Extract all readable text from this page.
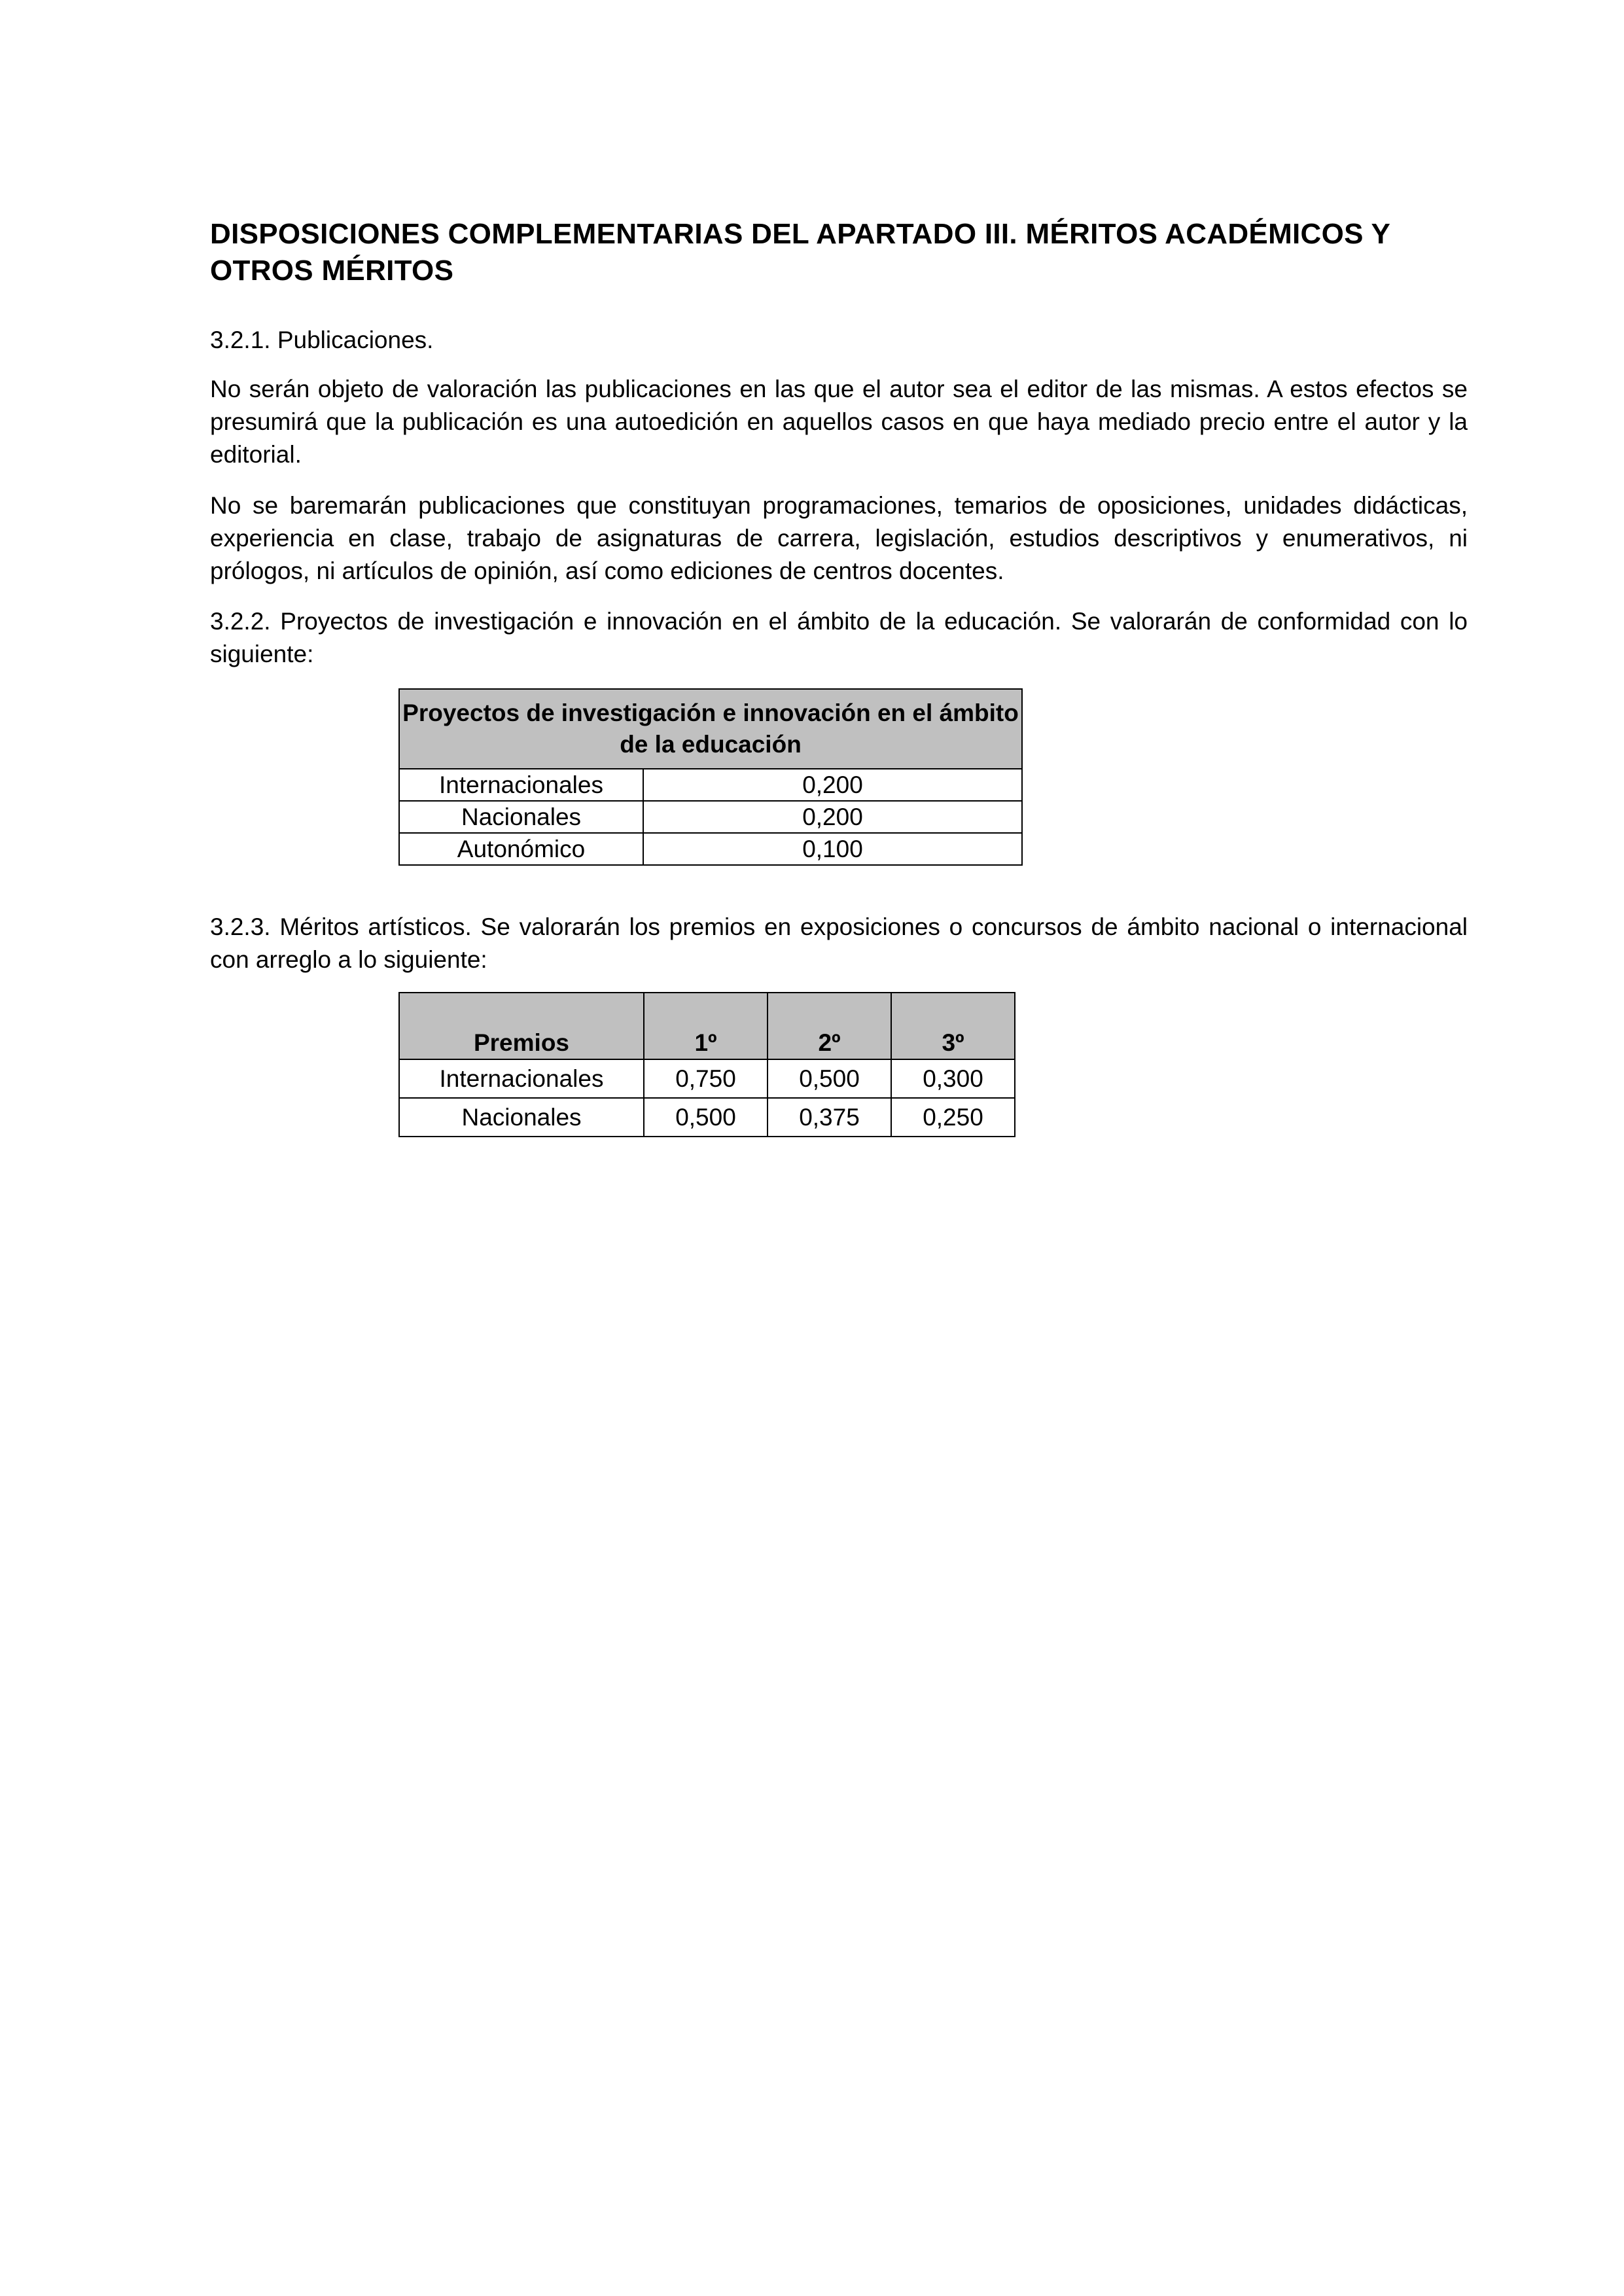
DISPOSICIONES COMPLEMENTARIAS DEL APARTADO III. MÉRITOS ACADÉMICOS Y OTROS MÉRITOS

3.2.1. Publicaciones.

No serán objeto de valoración las publicaciones en las que el autor sea el editor de las mismas. A estos efectos se presumirá que la publicación es una autoedición en aquellos casos en que haya mediado precio entre el autor y la editorial.

No se baremarán publicaciones que constituyan programaciones, temarios de oposiciones, unidades didácticas, experiencia en clase, trabajo de asignaturas de carrera, legislación, estudios descriptivos y enumerativos, ni prólogos, ni artículos de opinión, así como ediciones de centros docentes.

3.2.2. Proyectos de investigación e innovación en el ámbito de la educación. Se valorarán de conformidad con lo siguiente:

Proyectos de investigación e innovación en el ámbito de la educación	
Internacionales	0,200
Nacionales	0,200
Autonómico	0,100

3.2.3. Méritos artísticos. Se valorarán los premios en exposiciones o concursos de ámbito nacional o internacional con arreglo a lo siguiente:

Premios	1º	2º	3º
Internacionales	0,750	0,500	0,300
Nacionales	0,500	0,375	0,250
